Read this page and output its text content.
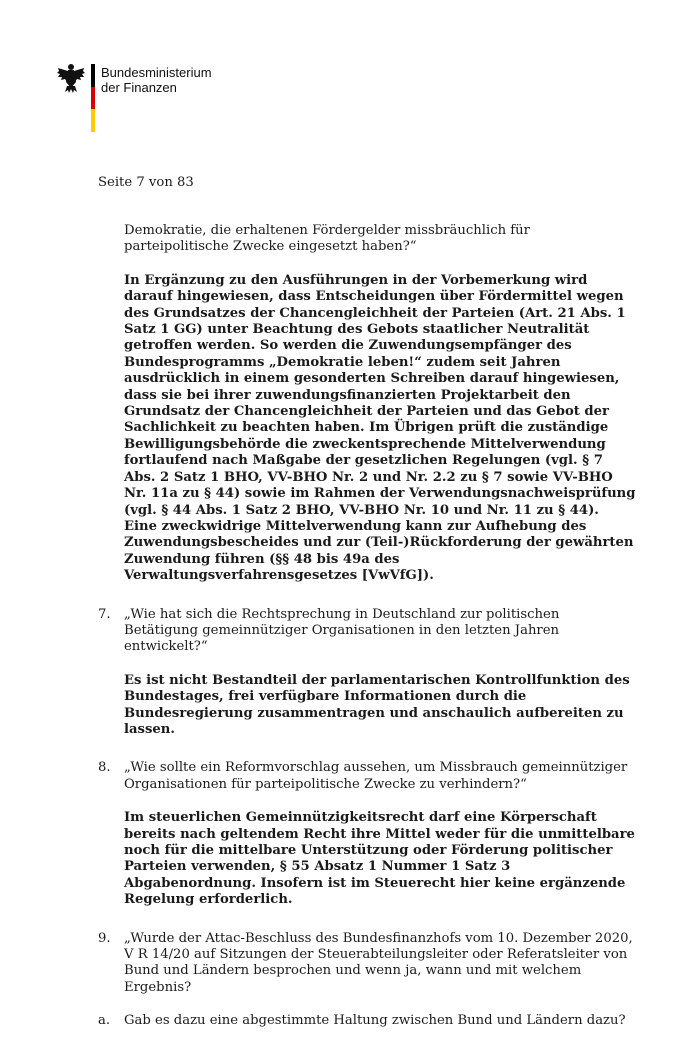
Bundesministerium
der Finanzen
Seite 7 von 83

Demokratie, die erhaltenen Fördergelder missbräuchlich für parteipolitische Zwecke eingesetzt haben?“

In Ergänzung zu den Ausführungen in der Vorbemerkung wird darauf hingewiesen, dass Entscheidungen über Fördermittel wegen des Grundsatzes der Chancengleichheit der Parteien (Art. 21 Abs. 1 Satz 1 GG) unter Beachtung des Gebots staatlicher Neutralität getroffen werden. So werden die Zuwendungsempfänger des Bundesprogramms „Demokratie leben!“ zudem seit Jahren ausdrücklich in einem gesonderten Schreiben darauf hingewiesen, dass sie bei ihrer zuwendungsfinanzierten Projektarbeit den Grundsatz der Chancengleichheit der Parteien und das Gebot der Sachlichkeit zu beachten haben. Im Übrigen prüft die zuständige Bewilligungsbehörde die zweckentsprechende Mittelverwendung fortlaufend nach Maßgabe der gesetzlichen Regelungen (vgl. § 7 Abs. 2 Satz 1 BHO, VV-BHO Nr. 2 und Nr. 2.2 zu § 7 sowie VV-BHO Nr. 11a zu § 44) sowie im Rahmen der Verwendungsnachweisprüfung (vgl. § 44 Abs. 1 Satz 2 BHO, VV-BHO Nr. 10 und Nr. 11 zu § 44). Eine zweckwidrige Mittelverwendung kann zur Aufhebung des Zuwendungsbescheides und zur (Teil-)Rückforderung der gewährten Zuwendung führen (§§ 48 bis 49a des Verwaltungsverfahrensgesetzes [VwVfG]).

7. „Wie hat sich die Rechtsprechung in Deutschland zur politischen Betätigung gemeinnütziger Organisationen in den letzten Jahren entwickelt?“

Es ist nicht Bestandteil der parlamentarischen Kontrollfunktion des Bundestages, frei verfügbare Informationen durch die Bundesregierung zusammentragen und anschaulich aufbereiten zu lassen.

8. „Wie sollte ein Reformvorschlag aussehen, um Missbrauch gemeinnütziger Organisationen für parteipolitische Zwecke zu verhindern?“

Im steuerlichen Gemeinnützigkeitsrecht darf eine Körperschaft bereits nach geltendem Recht ihre Mittel weder für die unmittelbare noch für die mittelbare Unterstützung oder Förderung politischer Parteien verwenden, § 55 Absatz 1 Nummer 1 Satz 3 Abgabenordnung. Insofern ist im Steuerecht hier keine ergänzende Regelung erforderlich.

9. „Wurde der Attac-Beschluss des Bundesfinanzhofs vom 10. Dezember 2020, V R 14/20 auf Sitzungen der Steuerabteilungsleiter oder Referatsleiter von Bund und Ländern besprochen und wenn ja, wann und mit welchem Ergebnis?

a. Gab es dazu eine abgestimmte Haltung zwischen Bund und Ländern dazu?
